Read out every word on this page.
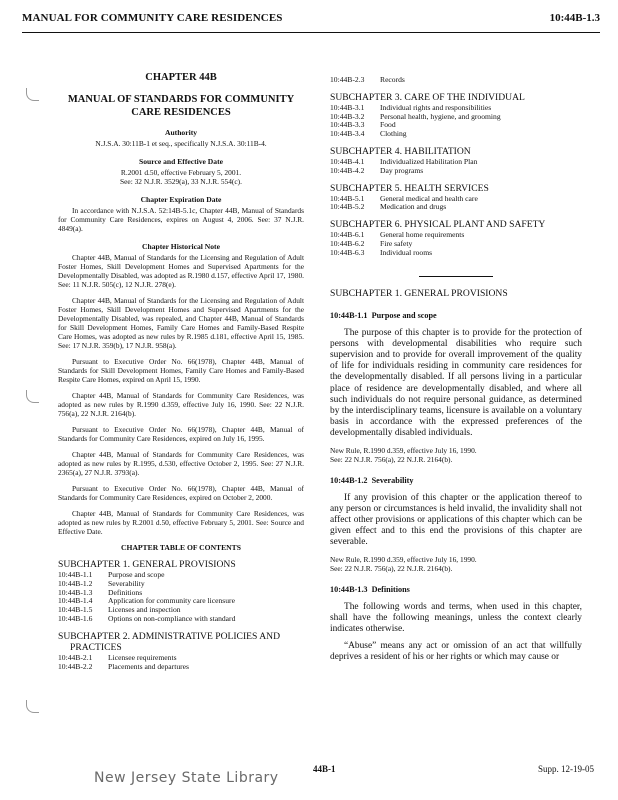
MANUAL FOR COMMUNITY CARE RESIDENCES	10:44B-1.3

CHAPTER 44B

MANUAL OF STANDARDS FOR COMMUNITY CARE RESIDENCES

Authority

N.J.S.A. 30:11B-1 et seq., specifically N.J.S.A. 30:11B-4.

Source and Effective Date

R.2001 d.50, effective February 5, 2001.

See: 32 N.J.R. 3529(a), 33 N.J.R. 554(c).

Chapter Expiration Date

In accordance with N.J.S.A. 52:14B-5.1c, Chapter 44B, Manual of Standards for Community Care Residences, expires on August 4, 2006. See: 37 N.J.R. 4849(a).

Chapter Historical Note

Chapter 44B, Manual of Standards for the Licensing and Regulation of Adult Foster Homes, Skill Development Homes and Supervised Apartments for the Developmentally Disabled, was adopted as R.1980 d.157, effective April 17, 1980. See: 11 N.J.R. 505(c), 12 N.J.R. 278(e).

Chapter 44B, Manual of Standards for the Licensing and Regulation of Adult Foster Homes, Skill Development Homes and Supervised Apartments for the Developmentally Disabled, was repealed, and Chapter 44B, Manual of Standards for Skill Development Homes, Family Care Homes and Family-Based Respite Care Homes, was adopted as new rules by R.1985 d.181, effective April 15, 1985. See: 17 N.J.R. 359(b), 17 N.J.R. 958(a).

Pursuant to Executive Order No. 66(1978), Chapter 44B, Manual of Standards for Skill Development Homes, Family Care Homes and Family-Based Respite Care Homes, expired on April 15, 1990.

Chapter 44B, Manual of Standards for Community Care Residences, was adopted as new rules by R.1990 d.359, effective July 16, 1990. See: 22 N.J.R. 756(a), 22 N.J.R. 2164(b).

Pursuant to Executive Order No. 66(1978), Chapter 44B, Manual of Standards for Community Care Residences, expired on July 16, 1995.

Chapter 44B, Manual of Standards for Community Care Residences, was adopted as new rules by R.1995, d.530, effective October 2, 1995. See: 27 N.J.R. 2365(a), 27 N.J.R. 3793(a).

Pursuant to Executive Order No. 66(1978), Chapter 44B, Manual of Standards for Community Care Residences, expired on October 2, 2000.

Chapter 44B, Manual of Standards for Community Care Residences, was adopted as new rules by R.2001 d.50, effective February 5, 2001. See: Source and Effective Date.

CHAPTER TABLE OF CONTENTS

SUBCHAPTER 1. GENERAL PROVISIONS

10:44B-1.1	Purpose and scope
10:44B-1.2	Severability
10:44B-1.3	Definitions
10:44B-1.4	Application for community care licensure
10:44B-1.5	Licenses and inspection
10:44B-1.6	Options on non-compliance with standard

SUBCHAPTER 2. ADMINISTRATIVE POLICIES AND

PRACTICES

10:44B-2.1	Licensee requirements
10:44B-2.2	Placements and departures
10:44B-2.3	Records

SUBCHAPTER 3. CARE OF THE INDIVIDUAL

10:44B-3.1	Individual rights and responsibilities
10:44B-3.2	Personal health, hygiene, and grooming
10:44B-3.3	Food
10:44B-3.4	Clothing

SUBCHAPTER 4. HABILITATION

10:44B-4.1	Individualized Habilitation Plan
10:44B-4.2	Day programs

SUBCHAPTER 5. HEALTH SERVICES

10:44B-5.1	General medical and health care
10:44B-5.2	Medication and drugs

SUBCHAPTER 6. PHYSICAL PLANT AND SAFETY

10:44B-6.1	General home requirements
10:44B-6.2	Fire safety
10:44B-6.3	Individual rooms

SUBCHAPTER 1. GENERAL PROVISIONS

10:44B-1.1 Purpose and scope

The purpose of this chapter is to provide for the protection of persons with developmental disabilities who require such supervision and to provide for overall improvement of the quality of life for individuals residing in community care residences for the developmentally disabled. If all persons living in a particular place of residence are developmentally disabled, and where all such individuals do not require personal guidance, as determined by the interdisciplinary teams, licensure is available on a voluntary basis in accordance with the expressed preferences of the developmentally disabled individuals.

New Rule, R.1990 d.359, effective July 16, 1990.
See: 22 N.J.R. 756(a), 22 N.J.R. 2164(b).

10:44B-1.2 Severability

If any provision of this chapter or the application thereof to any person or circumstances is held invalid, the invalidity shall not affect other provisions or applications of this chapter which can be given effect and to this end the provisions of this chapter are severable.

New Rule, R.1990 d.359, effective July 16, 1990.
See: 22 N.J.R. 756(a), 22 N.J.R. 2164(b).

10:44B-1.3 Definitions

The following words and terms, when used in this chapter, shall have the following meanings, unless the context clearly indicates otherwise.

“Abuse” means any act or omission of an act that willfully deprives a resident of his or her rights or which may cause or

New Jersey State Library
44B-1	Supp. 12-19-05
